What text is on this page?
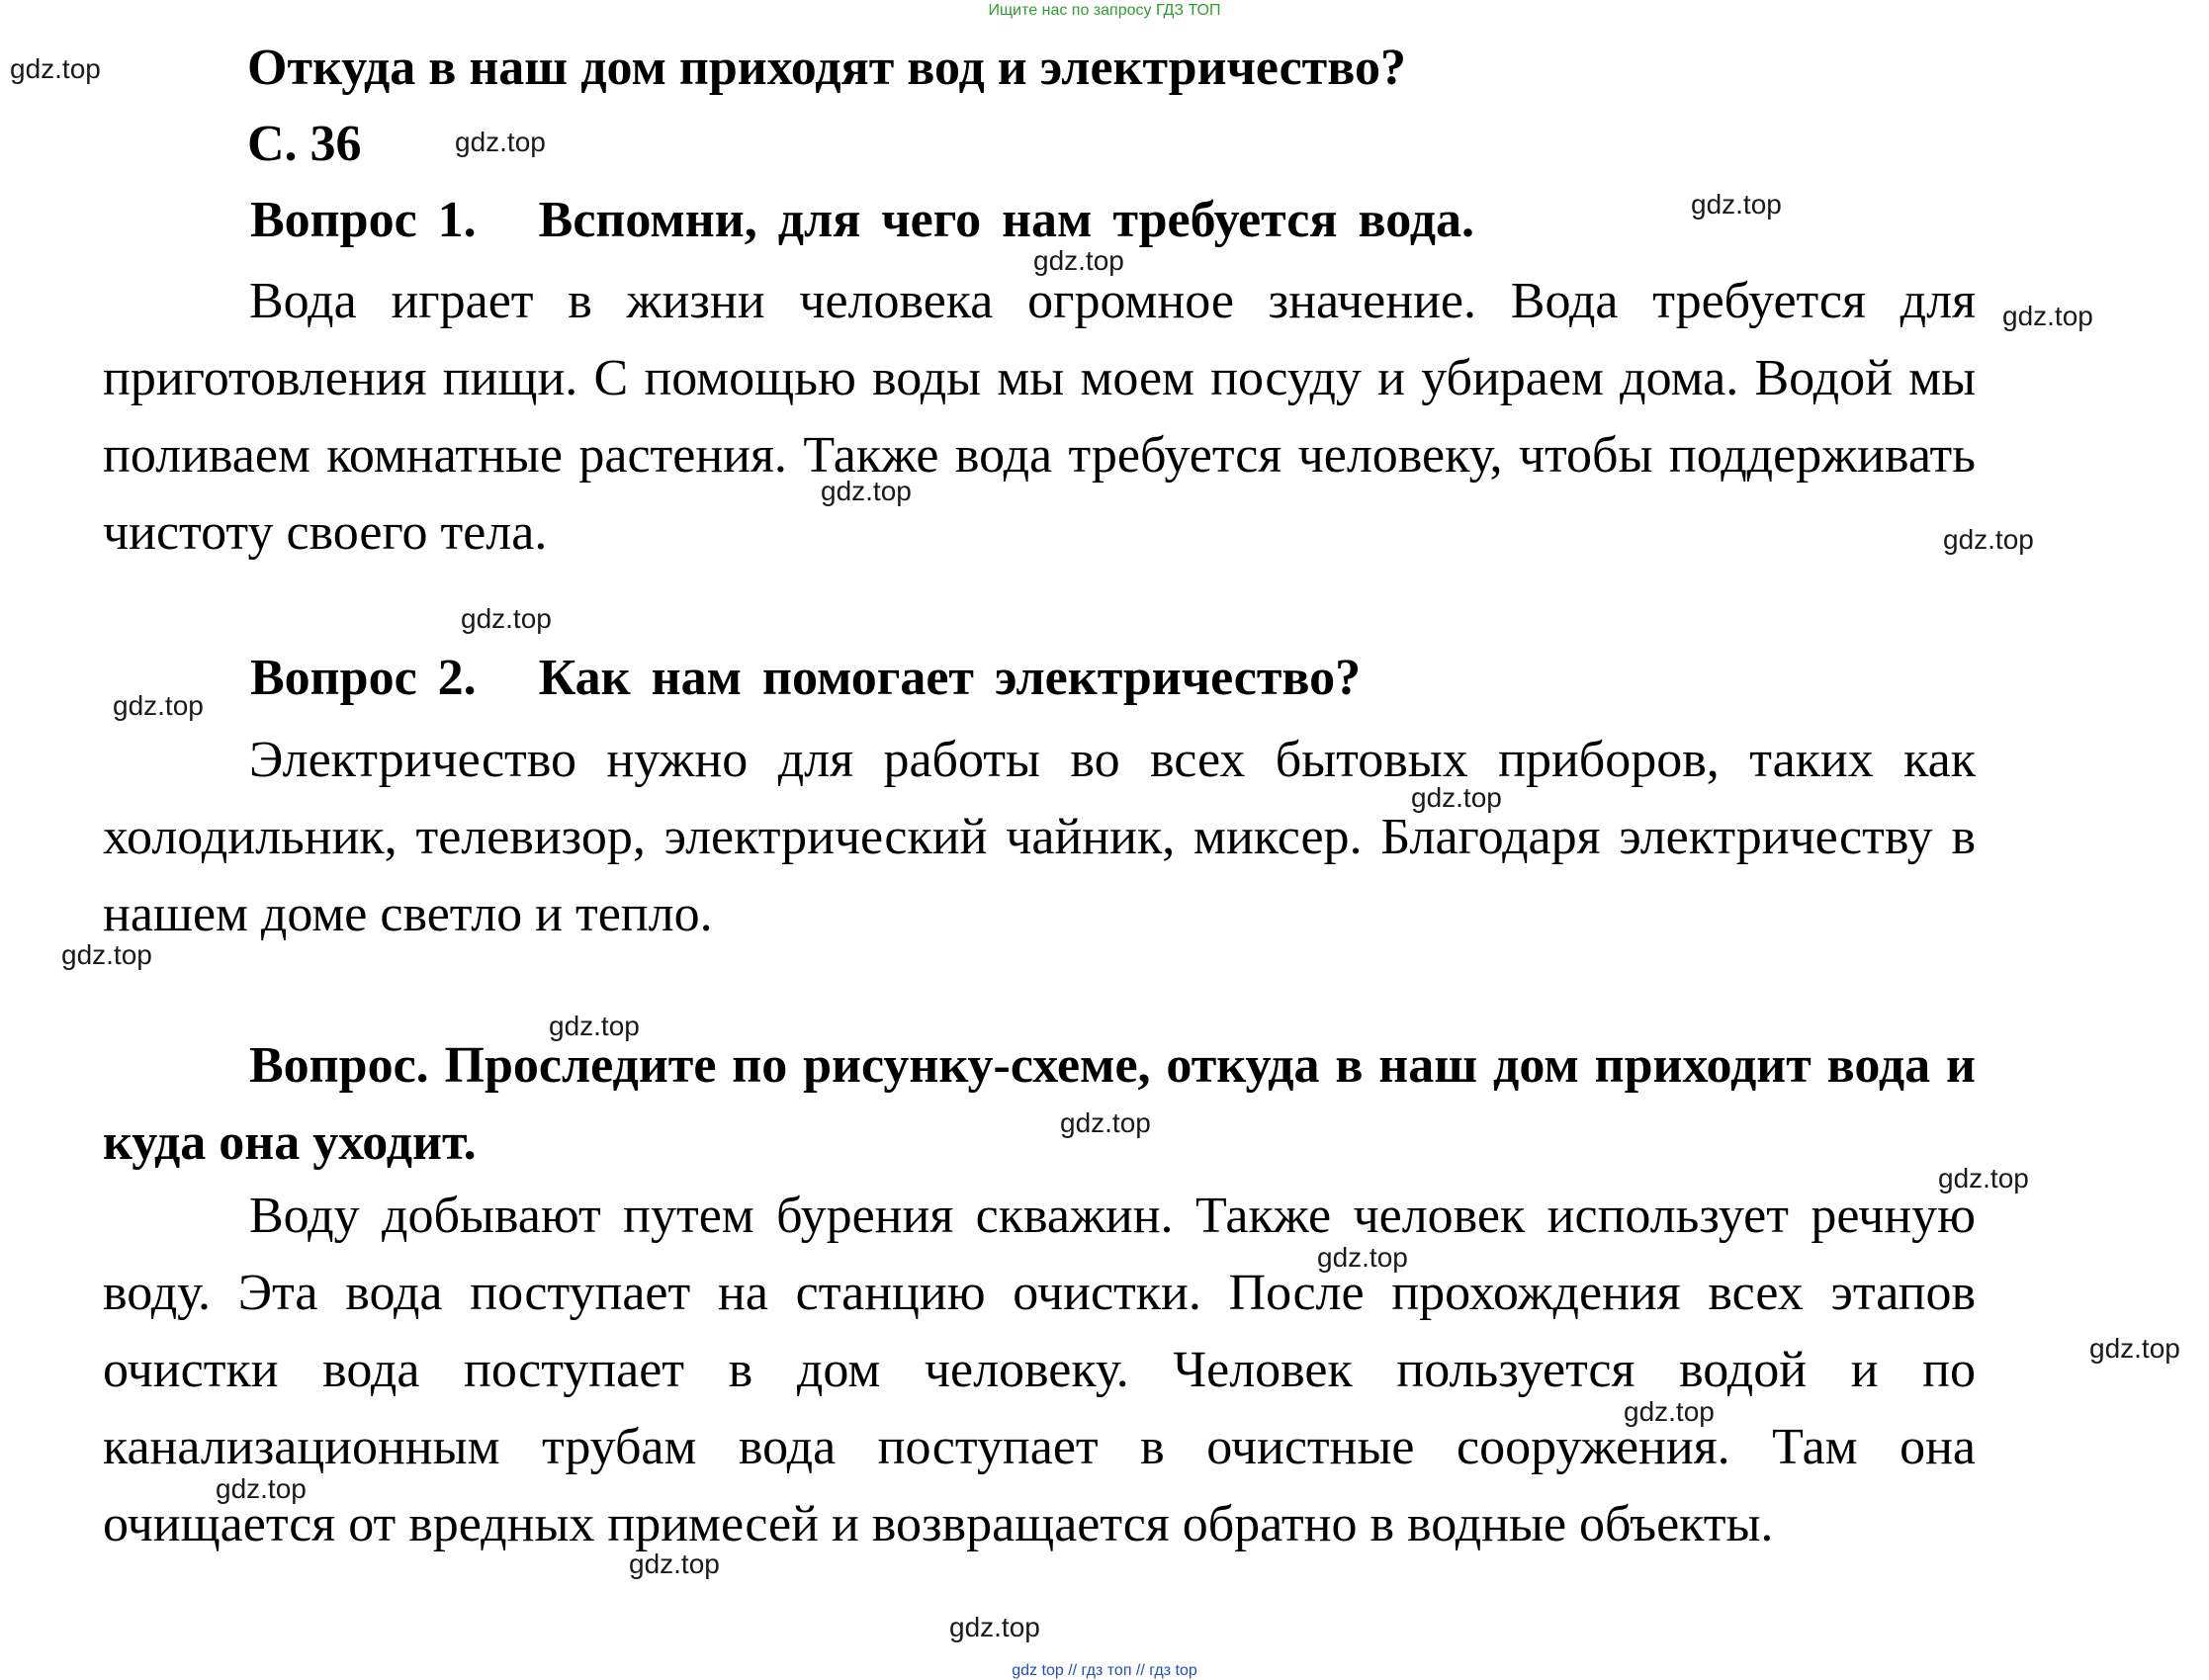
Ищите нас по запросу ГДЗ ТОП
Откуда в наш дом приходят вод и электричество?
С. 36
Вопрос 1. Вспомни, для чего нам требуется вода.

Вода играет в жизни человека огромное значение. Вода требуется для приготовления пищи. С помощью воды мы моем посуду и убираем дома. Водой мы поливаем комнатные растения. Также вода требуется человеку, чтобы поддерживать чистоту своего тела.

Вопрос 2. Как нам помогает электричество?

Электричество нужно для работы во всех бытовых приборов, таких как холодильник, телевизор, электрический чайник, миксер. Благодаря электричеству в нашем доме светло и тепло.

Вопрос. Проследите по рисунку-схеме, откуда в наш дом приходит вода и куда она уходит.

Воду добывают путем бурения скважин. Также человек использует речную воду. Эта вода поступает на станцию очистки. После прохождения всех этапов очистки вода поступает в дом человеку. Человек пользуется водой и по канализационным трубам вода поступает в очистные сооружения. Там она очищается от вредных примесей и возвращается обратно в водные объекты.

gdz.top
gdz.top
gdz.top
gdz.top
gdz.top
gdz.top
gdz.top
gdz.top
gdz.top
gdz.top
gdz.top
gdz.top
gdz.top
gdz.top
gdz.top
gdz.top
gdz.top
gdz.top
gdz.top
gdz.top
gdz top // гдз топ // гдз top
